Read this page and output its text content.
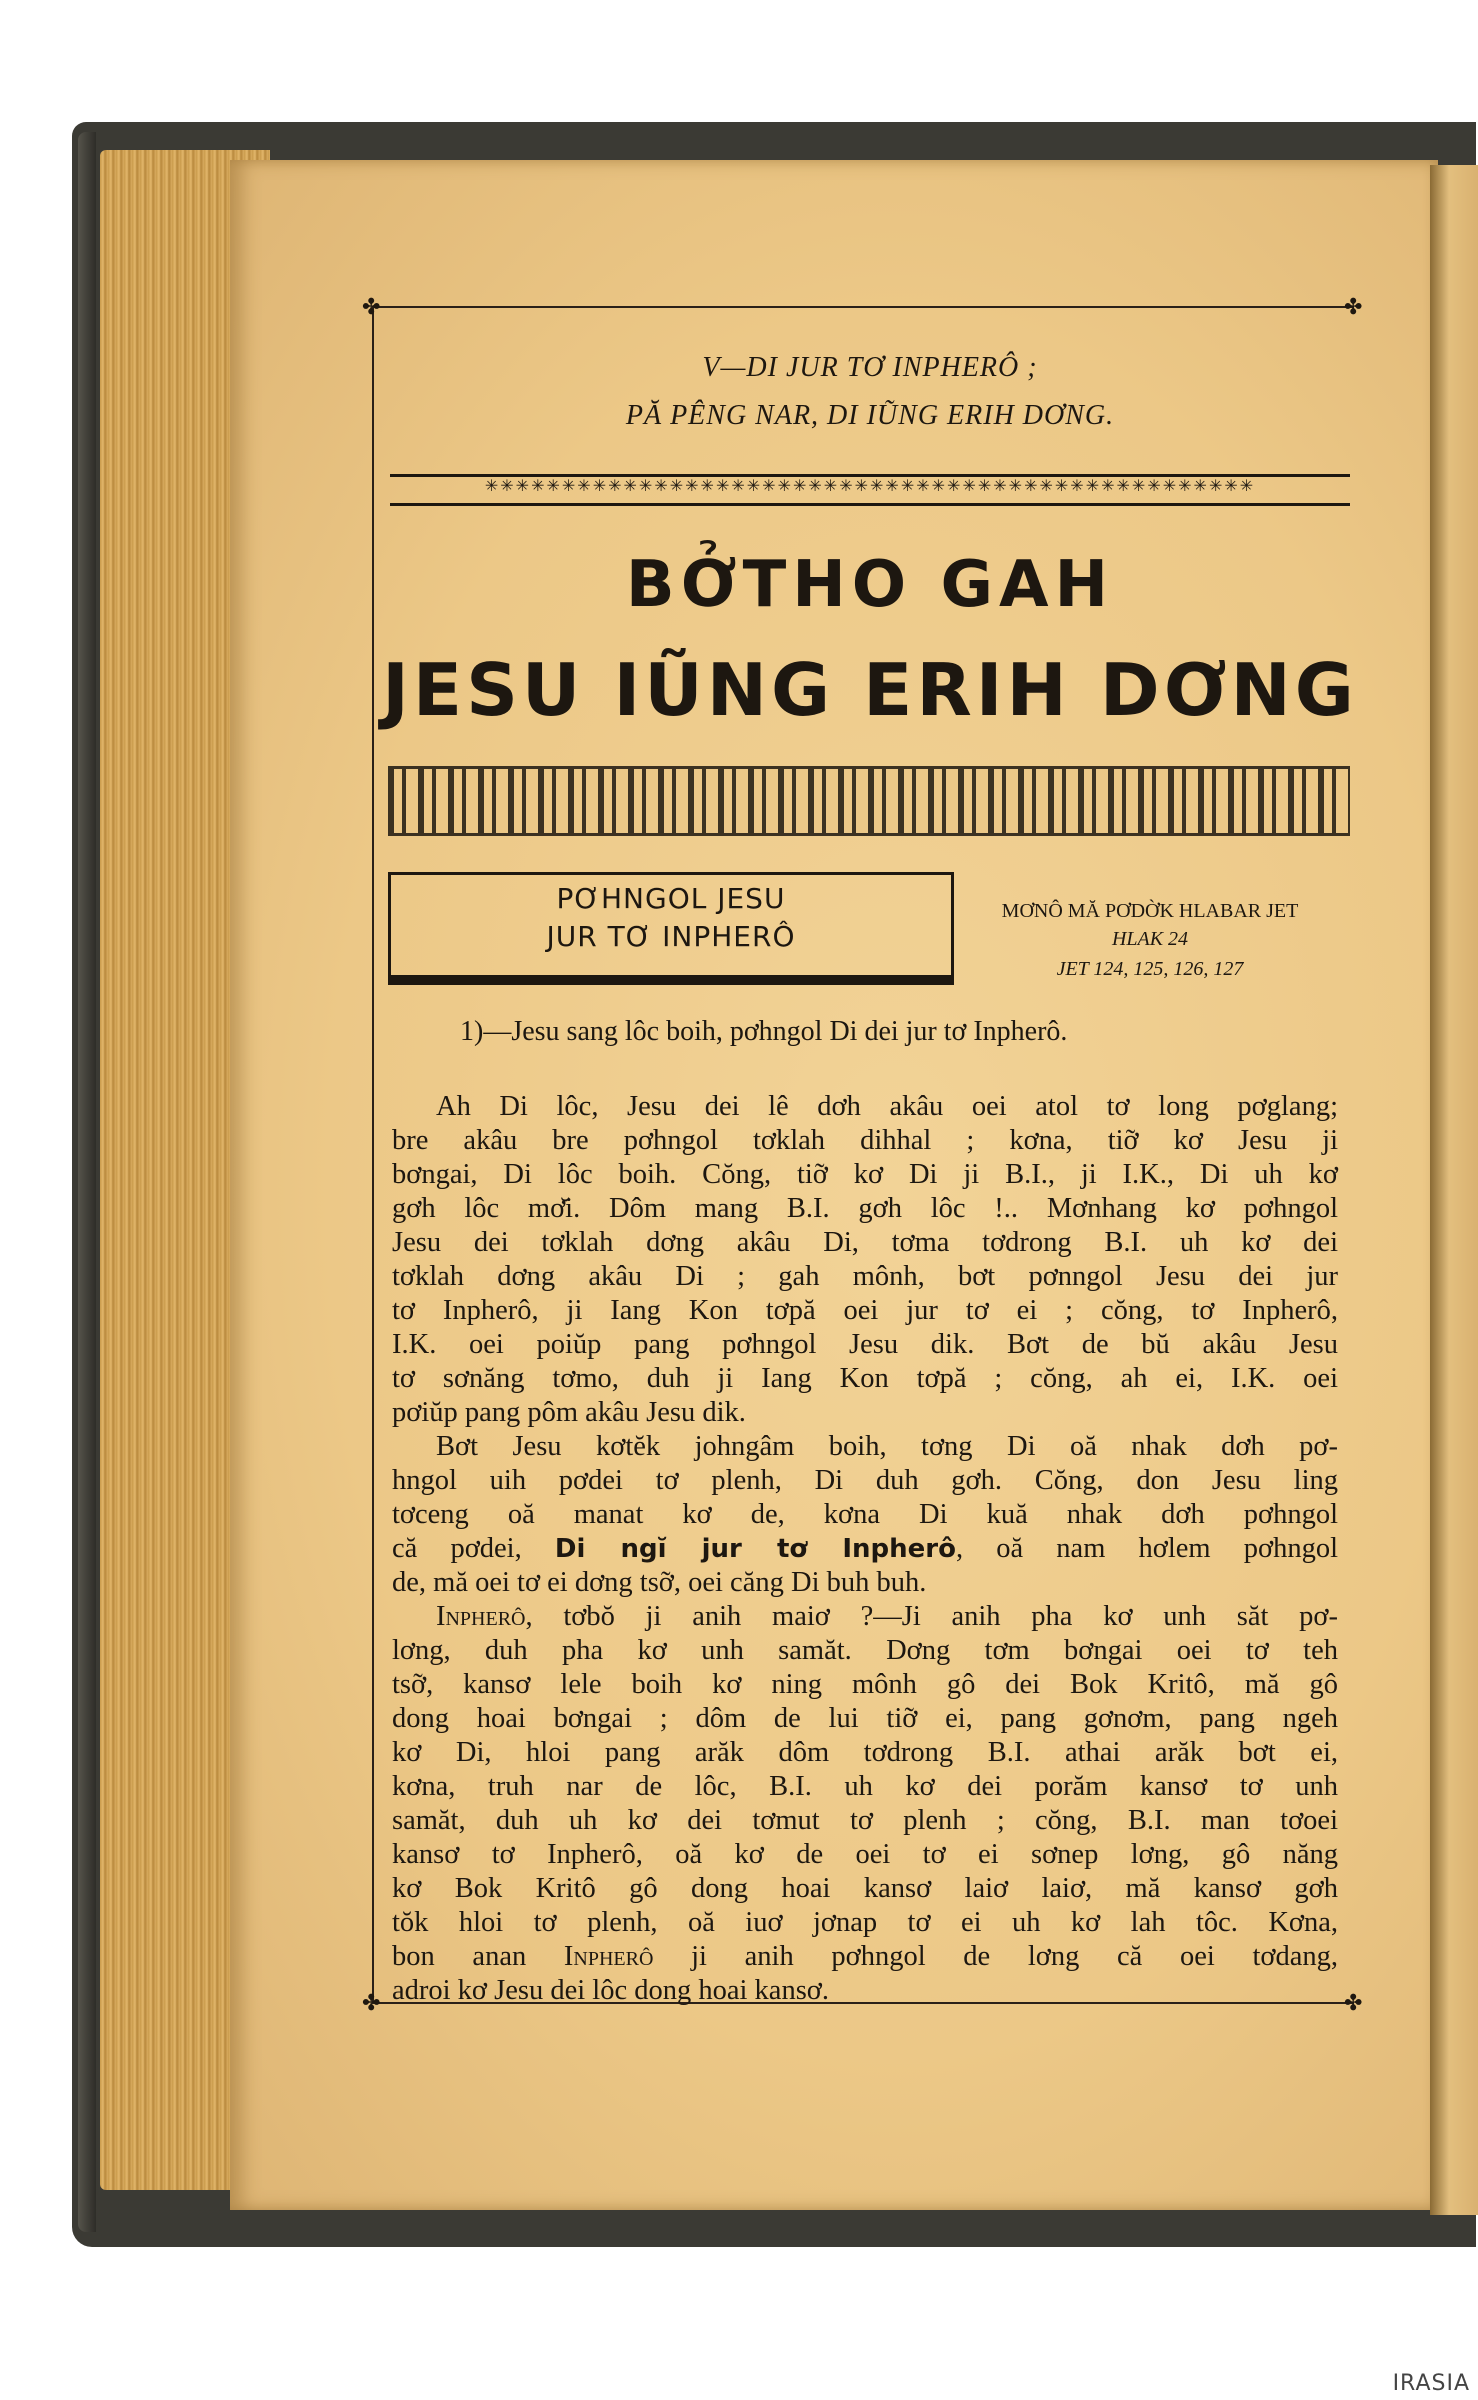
✤	✤
✤	✤
V—DI JUR TƠ INPHERÔ ;
PĂ PÊNG NAR, DI IŨNG ERIH DƠNG.
✳✳✳✳✳✳✳✳✳✳✳✳✳✳✳✳✳✳✳✳✳✳✳✳✳✳✳✳✳✳✳✳✳✳✳✳✳✳✳✳✳✳✳✳✳✳✳✳✳✳
BỞTHO GAH
JESU IŨNG ERIH DƠNG
PƠHNGOL JESU
JUR TƠ INPHERÔ
MƠNÔ MĂ PƠDỜK HLABAR JET
HLAK 24
JET 124, 125, 126, 127
1)—Jesu sang lôc boih, pơhngol Di dei jur tơ Inpherô.

Ah Di lôc, Jesu dei lê dơh akâu oei atol tơ long pơglang;

bre akâu bre pơhngol tơklah dihhal ; kơna, tiỡ kơ Jesu ji

bơngai, Di lôc boih. Cŏng, tiỡ kơ Di ji B.I., ji I.K., Di uh kơ

gơh lôc mơ̆i. Dôm mang B.I. gơh lôc !.. Mơnhang kơ pơhngol

Jesu dei tơklah dơng akâu Di, tơma tơdrong B.I. uh kơ dei

tơklah dơng akâu Di ; gah mônh, bơt pơnngol Jesu dei jur

tơ Inpherô, ji Iang Kon tơpă oei jur tơ ei ; cŏng, tơ Inpherô,

I.K. oei poiŭp pang pơhngol Jesu dik. Bơt de bŭ akâu Jesu

tơ sơnăng tơmo, duh ji Iang Kon tơpă ; cŏng, ah ei, I.K. oei

pơiŭp pang pôm akâu Jesu dik.

Bơt Jesu kơtĕk johngâm boih, tơng Di oă nhak dơh pơ-

hngol uih pơdei tơ plenh, Di duh gơh. Cŏng, don Jesu ling

tơceng oă manat kơ de, kơna Di kuă nhak dơh pơhngol

că pơdei, Di ngĭ jur tơ Inpherô, oă nam hơlem pơhngol

de, mă oei tơ ei dơng tsỡ, oei căng Di buh buh.

Inpherô, tơbŏ ji anih maiơ ?—Ji anih pha kơ unh săt pơ-

lơng, duh pha kơ unh samăt. Dơng tơm bơngai oei tơ teh

tsỡ, kansơ lele boih kơ ning mônh gô dei Bok Kritô, mă gô

dong hoai bơngai ; dôm de lui tiỡ ei, pang gơnơm, pang ngeh

kơ Di, hloi pang arăk dôm tơdrong B.I. athai arăk bơt ei,

kơna, truh nar de lôc, B.I. uh kơ dei porăm kansơ tơ unh

samăt, duh uh kơ dei tơmut tơ plenh ; cŏng, B.I. man tơoei

kansơ tơ Inpherô, oă kơ de oei tơ ei sơnep lơng, gô năng

kơ Bok Kritô gô dong hoai kansơ laiơ laiơ, mă kansơ gơh

tŏk hloi tơ plenh, oă iuơ jơnap tơ ei uh kơ lah tôc. Kơna,

bon anan Inpherô ji anih pơhngol de lơng că oei tơdang,

adroi kơ Jesu dei lôc dong hoai kansơ.

IRASIA
